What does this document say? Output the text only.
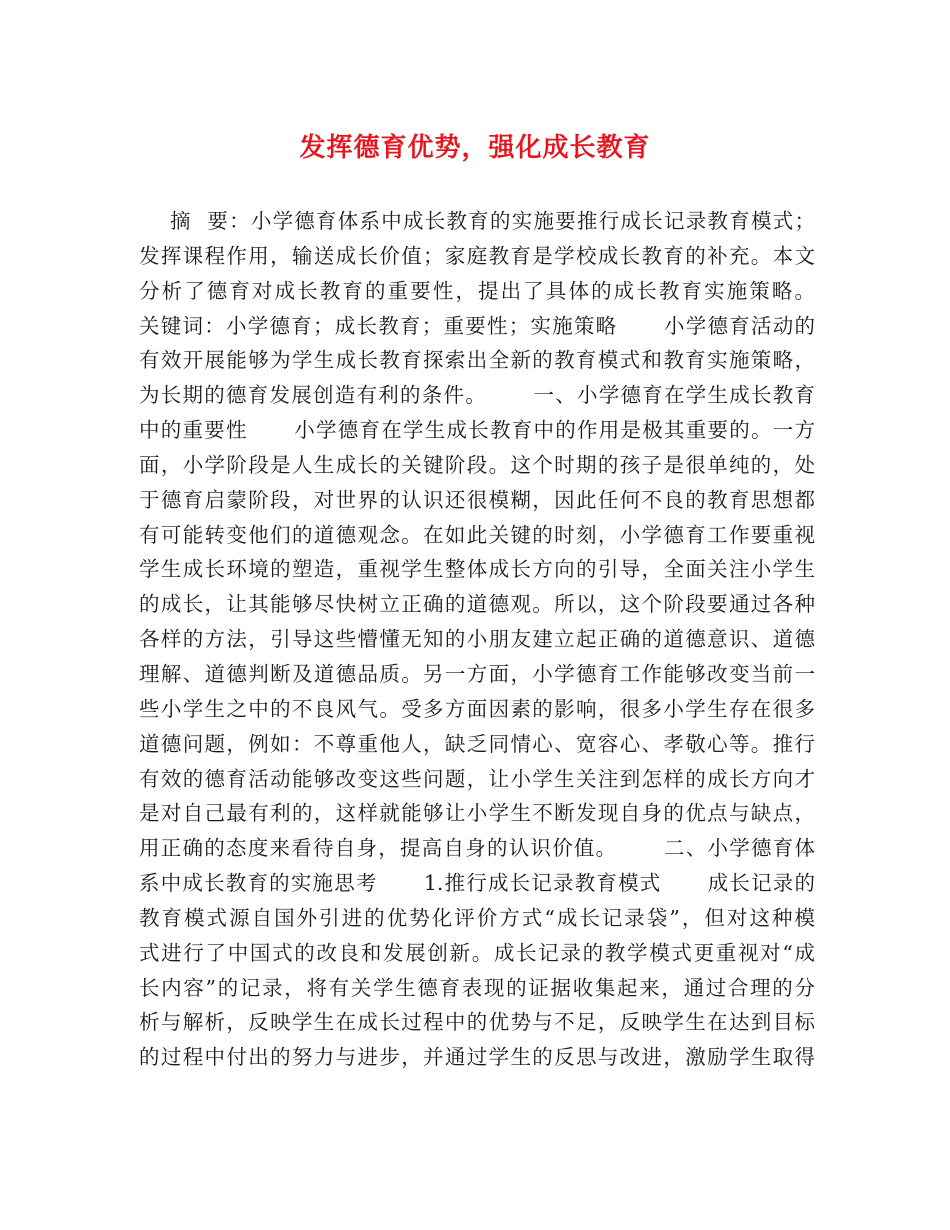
发挥德育优势，强化成长教育
摘  要：小学德育体系中成长教育的实施要推行成长记录教育模式；
发挥课程作用，输送成长价值；家庭教育是学校成长教育的补充。本文
分析了德育对成长教育的重要性，提出了具体的成长教育实施策略。
关键词：小学德育；成长教育；重要性；实施策略      小学德育活动的
有效开展能够为学生成长教育探索出全新的教育模式和教育实施策略，
为长期的德育发展创造有利的条件。      一、小学德育在学生成长教育
中的重要性      小学德育在学生成长教育中的作用是极其重要的。一方
面，小学阶段是人生成长的关键阶段。这个时期的孩子是很单纯的，处
于德育启蒙阶段，对世界的认识还很模糊，因此任何不良的教育思想都
有可能转变他们的道德观念。在如此关键的时刻，小学德育工作要重视
学生成长环境的塑造，重视学生整体成长方向的引导，全面关注小学生
的成长，让其能够尽快树立正确的道德观。所以，这个阶段要通过各种
各样的方法，引导这些懵懂无知的小朋友建立起正确的道德意识、道德
理解、道德判断及道德品质。另一方面，小学德育工作能够改变当前一
些小学生之中的不良风气。受多方面因素的影响，很多小学生存在很多
道德问题，例如：不尊重他人，缺乏同情心、宽容心、孝敬心等。推行
有效的德育活动能够改变这些问题，让小学生关注到怎样的成长方向才
是对自己最有利的，这样就能够让小学生不断发现自身的优点与缺点，
用正确的态度来看待自身，提高自身的认识价值。      二、小学德育体
系中成长教育的实施思考      1.推行成长记录教育模式      成长记录的
教育模式源自国外引进的优势化评价方式“成长记录袋”，但对这种模
式进行了中国式的改良和发展创新。成长记录的教学模式更重视对“成
长内容”的记录，将有关学生德育表现的证据收集起来，通过合理的分
析与解析，反映学生在成长过程中的优势与不足，反映学生在达到目标
的过程中付出的努力与进步，并通过学生的反思与改进，激励学生取得
